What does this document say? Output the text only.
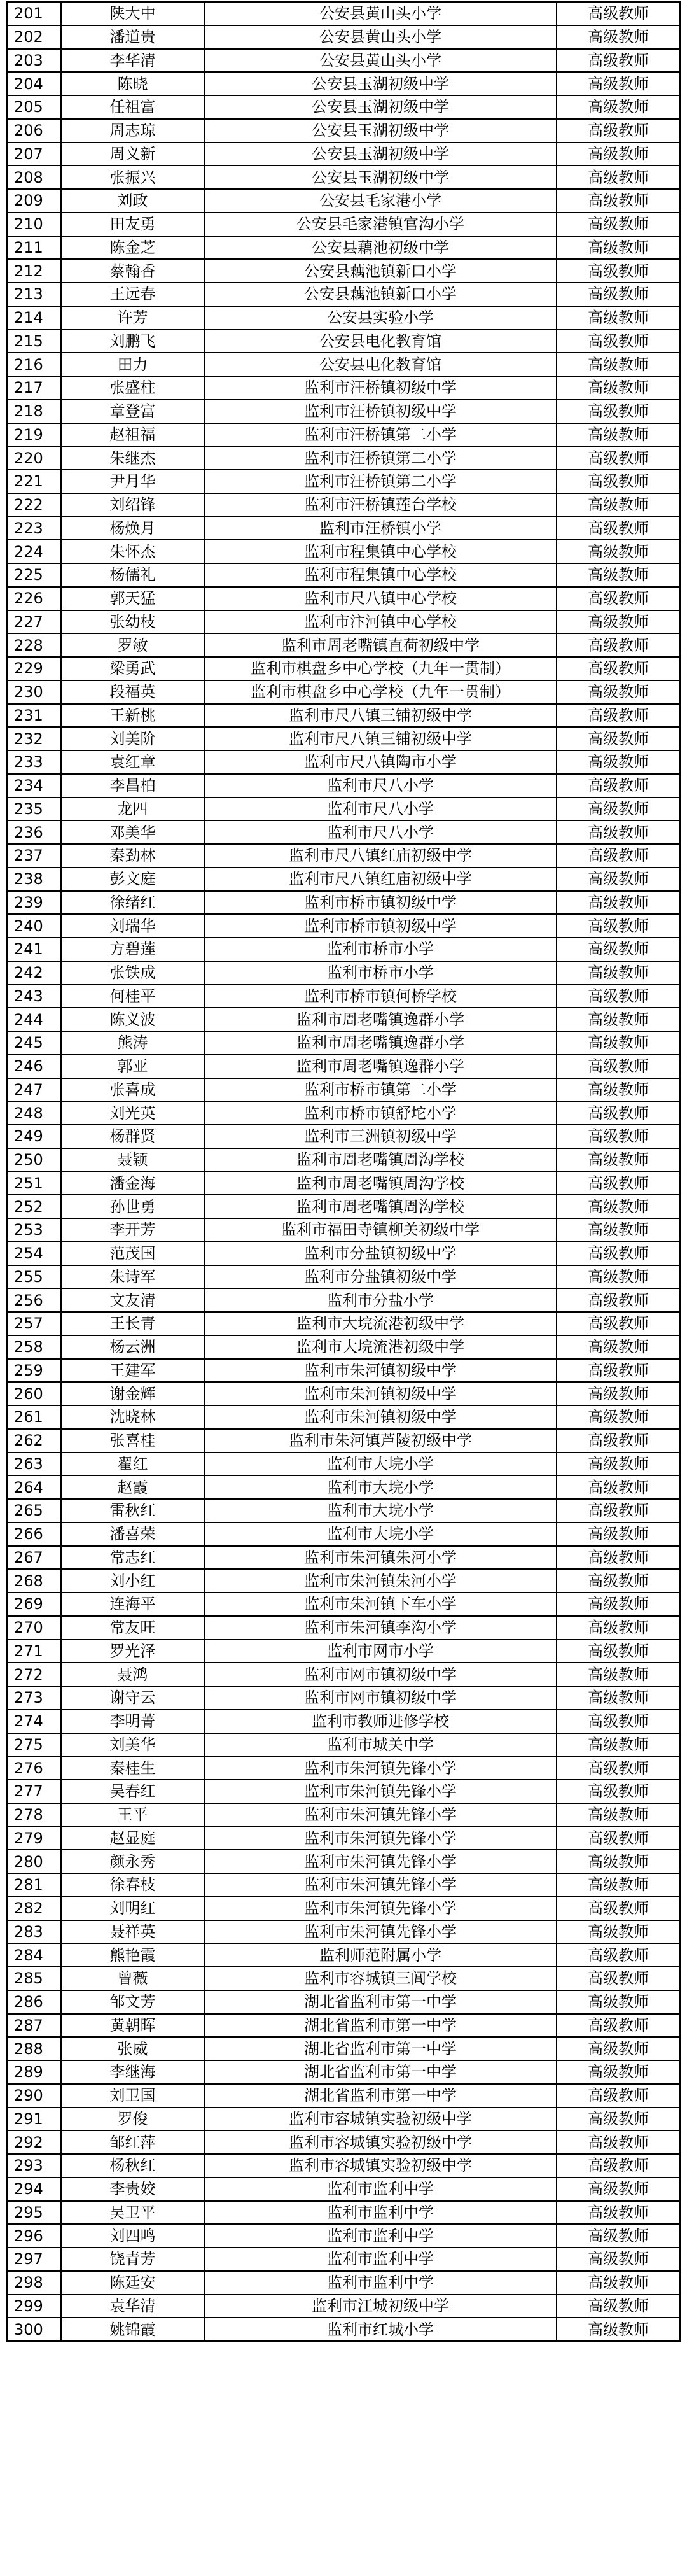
201	陕大中	公安县黄山头小学	高级教师
202	潘道贵	公安县黄山头小学	高级教师
203	李华清	公安县黄山头小学	高级教师
204	陈晓	公安县玉湖初级中学	高级教师
205	任祖富	公安县玉湖初级中学	高级教师
206	周志琼	公安县玉湖初级中学	高级教师
207	周义新	公安县玉湖初级中学	高级教师
208	张振兴	公安县玉湖初级中学	高级教师
209	刘政	公安县毛家港小学	高级教师
210	田友勇	公安县毛家港镇官沟小学	高级教师
211	陈金芝	公安县藕池初级中学	高级教师
212	蔡翰香	公安县藕池镇新口小学	高级教师
213	王远春	公安县藕池镇新口小学	高级教师
214	许芳	公安县实验小学	高级教师
215	刘鹏飞	公安县电化教育馆	高级教师
216	田力	公安县电化教育馆	高级教师
217	张盛柱	监利市汪桥镇初级中学	高级教师
218	章登富	监利市汪桥镇初级中学	高级教师
219	赵祖福	监利市汪桥镇第二小学	高级教师
220	朱继杰	监利市汪桥镇第二小学	高级教师
221	尹月华	监利市汪桥镇第二小学	高级教师
222	刘绍锋	监利市汪桥镇莲台学校	高级教师
223	杨焕月	监利市汪桥镇小学	高级教师
224	朱怀杰	监利市程集镇中心学校	高级教师
225	杨儒礼	监利市程集镇中心学校	高级教师
226	郭天猛	监利市尺八镇中心学校	高级教师
227	张幼枝	监利市汴河镇中心学校	高级教师
228	罗敏	监利市周老嘴镇直荷初级中学	高级教师
229	梁勇武	监利市棋盘乡中心学校（九年一贯制）	高级教师
230	段福英	监利市棋盘乡中心学校（九年一贯制）	高级教师
231	王新桃	监利市尺八镇三铺初级中学	高级教师
232	刘美阶	监利市尺八镇三铺初级中学	高级教师
233	袁红章	监利市尺八镇陶市小学	高级教师
234	李昌柏	监利市尺八小学	高级教师
235	龙四	监利市尺八小学	高级教师
236	邓美华	监利市尺八小学	高级教师
237	秦劲林	监利市尺八镇红庙初级中学	高级教师
238	彭文庭	监利市尺八镇红庙初级中学	高级教师
239	徐绪红	监利市桥市镇初级中学	高级教师
240	刘瑞华	监利市桥市镇初级中学	高级教师
241	方碧莲	监利市桥市小学	高级教师
242	张铁成	监利市桥市小学	高级教师
243	何桂平	监利市桥市镇何桥学校	高级教师
244	陈义波	监利市周老嘴镇逸群小学	高级教师
245	熊涛	监利市周老嘴镇逸群小学	高级教师
246	郭亚	监利市周老嘴镇逸群小学	高级教师
247	张喜成	监利市桥市镇第二小学	高级教师
248	刘光英	监利市桥市镇舒坨小学	高级教师
249	杨群贤	监利市三洲镇初级中学	高级教师
250	聂颖	监利市周老嘴镇周沟学校	高级教师
251	潘金海	监利市周老嘴镇周沟学校	高级教师
252	孙世勇	监利市周老嘴镇周沟学校	高级教师
253	李开芳	监利市福田寺镇柳关初级中学	高级教师
254	范茂国	监利市分盐镇初级中学	高级教师
255	朱诗军	监利市分盐镇初级中学	高级教师
256	文友清	监利市分盐小学	高级教师
257	王长青	监利市大垸流港初级中学	高级教师
258	杨云洲	监利市大垸流港初级中学	高级教师
259	王建军	监利市朱河镇初级中学	高级教师
260	谢金辉	监利市朱河镇初级中学	高级教师
261	沈晓林	监利市朱河镇初级中学	高级教师
262	张喜桂	监利市朱河镇芦陵初级中学	高级教师
263	翟红	监利市大垸小学	高级教师
264	赵霞	监利市大垸小学	高级教师
265	雷秋红	监利市大垸小学	高级教师
266	潘喜荣	监利市大垸小学	高级教师
267	常志红	监利市朱河镇朱河小学	高级教师
268	刘小红	监利市朱河镇朱河小学	高级教师
269	连海平	监利市朱河镇下车小学	高级教师
270	常友旺	监利市朱河镇李沟小学	高级教师
271	罗光泽	监利市网市小学	高级教师
272	聂鸿	监利市网市镇初级中学	高级教师
273	谢守云	监利市网市镇初级中学	高级教师
274	李明菁	监利市教师进修学校	高级教师
275	刘美华	监利市城关中学	高级教师
276	秦桂生	监利市朱河镇先锋小学	高级教师
277	吴春红	监利市朱河镇先锋小学	高级教师
278	王平	监利市朱河镇先锋小学	高级教师
279	赵显庭	监利市朱河镇先锋小学	高级教师
280	颜永秀	监利市朱河镇先锋小学	高级教师
281	徐春枝	监利市朱河镇先锋小学	高级教师
282	刘明红	监利市朱河镇先锋小学	高级教师
283	聂祥英	监利市朱河镇先锋小学	高级教师
284	熊艳霞	监利师范附属小学	高级教师
285	曾薇	监利市容城镇三闾学校	高级教师
286	邹文芳	湖北省监利市第一中学	高级教师
287	黄朝晖	湖北省监利市第一中学	高级教师
288	张威	湖北省监利市第一中学	高级教师
289	李继海	湖北省监利市第一中学	高级教师
290	刘卫国	湖北省监利市第一中学	高级教师
291	罗俊	监利市容城镇实验初级中学	高级教师
292	邹红萍	监利市容城镇实验初级中学	高级教师
293	杨秋红	监利市容城镇实验初级中学	高级教师
294	李贵姣	监利市监利中学	高级教师
295	吴卫平	监利市监利中学	高级教师
296	刘四鸣	监利市监利中学	高级教师
297	饶青芳	监利市监利中学	高级教师
298	陈廷安	监利市监利中学	高级教师
299	袁华清	监利市江城初级中学	高级教师
300	姚锦霞	监利市红城小学	高级教师
